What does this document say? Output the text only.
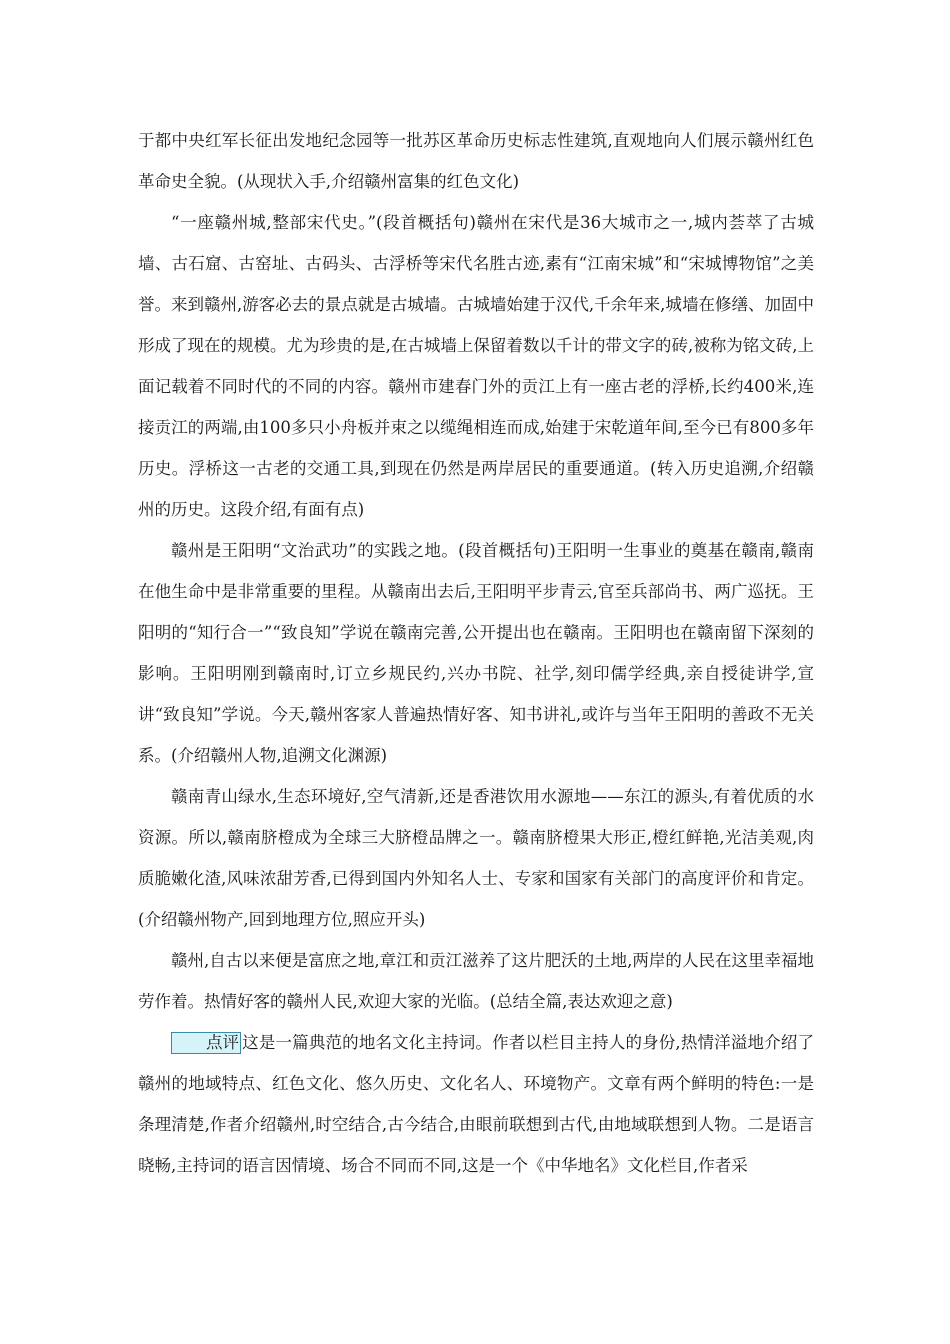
于都中央红军长征出发地纪念园等一批苏区革命历史标志性建筑,直观地向人们展示赣州红色革命史全貌。(从现状入手,介绍赣州富集的红色文化)

“一座赣州城,整部宋代史。”(段首概括句)赣州在宋代是36大城市之一,城内荟萃了古城墙、古石窟、古窑址、古码头、古浮桥等宋代名胜古迹,素有“江南宋城”和“宋城博物馆”之美誉。来到赣州,游客必去的景点就是古城墙。古城墙始建于汉代,千余年来,城墙在修缮、加固中形成了现在的规模。尤为珍贵的是,在古城墙上保留着数以千计的带文字的砖,被称为铭文砖,上面记载着不同时代的不同的内容。赣州市建春门外的贡江上有一座古老的浮桥,长约400米,连接贡江的两端,由100多只小舟板并束之以缆绳相连而成,始建于宋乾道年间,至今已有800多年历史。浮桥这一古老的交通工具,到现在仍然是两岸居民的重要通道。(转入历史追溯,介绍赣州的历史。这段介绍,有面有点)

赣州是王阳明“文治武功”的实践之地。(段首概括句)王阳明一生事业的奠基在赣南,赣南在他生命中是非常重要的里程。从赣南出去后,王阳明平步青云,官至兵部尚书、两广巡抚。王阳明的“知行合一”“致良知”学说在赣南完善,公开提出也在赣南。王阳明也在赣南留下深刻的影响。王阳明刚到赣南时,订立乡规民约,兴办书院、社学,刻印儒学经典,亲自授徒讲学,宣讲“致良知”学说。今天,赣州客家人普遍热情好客、知书讲礼,或许与当年王阳明的善政不无关系。(介绍赣州人物,追溯文化渊源)

赣南青山绿水,生态环境好,空气清新,还是香港饮用水源地——东江的源头,有着优质的水资源。所以,赣南脐橙成为全球三大脐橙品牌之一。赣南脐橙果大形正,橙红鲜艳,光洁美观,肉质脆嫩化渣,风味浓甜芳香,已得到国内外知名人士、专家和国家有关部门的高度评价和肯定。(介绍赣州物产,回到地理方位,照应开头)

赣州,自古以来便是富庶之地,章江和贡江滋养了这片肥沃的土地,两岸的人民在这里幸福地劳作着。热情好客的赣州人民,欢迎大家的光临。(总结全篇,表达欢迎之意)

点评 这是一篇典范的地名文化主持词。作者以栏目主持人的身份,热情洋溢地介绍了赣州的地域特点、红色文化、悠久历史、文化名人、环境物产。文章有两个鲜明的特色:一是条理清楚,作者介绍赣州,时空结合,古今结合,由眼前联想到古代,由地域联想到人物。二是语言晓畅,主持词的语言因情境、场合不同而不同,这是一个《中华地名》文化栏目,作者采
